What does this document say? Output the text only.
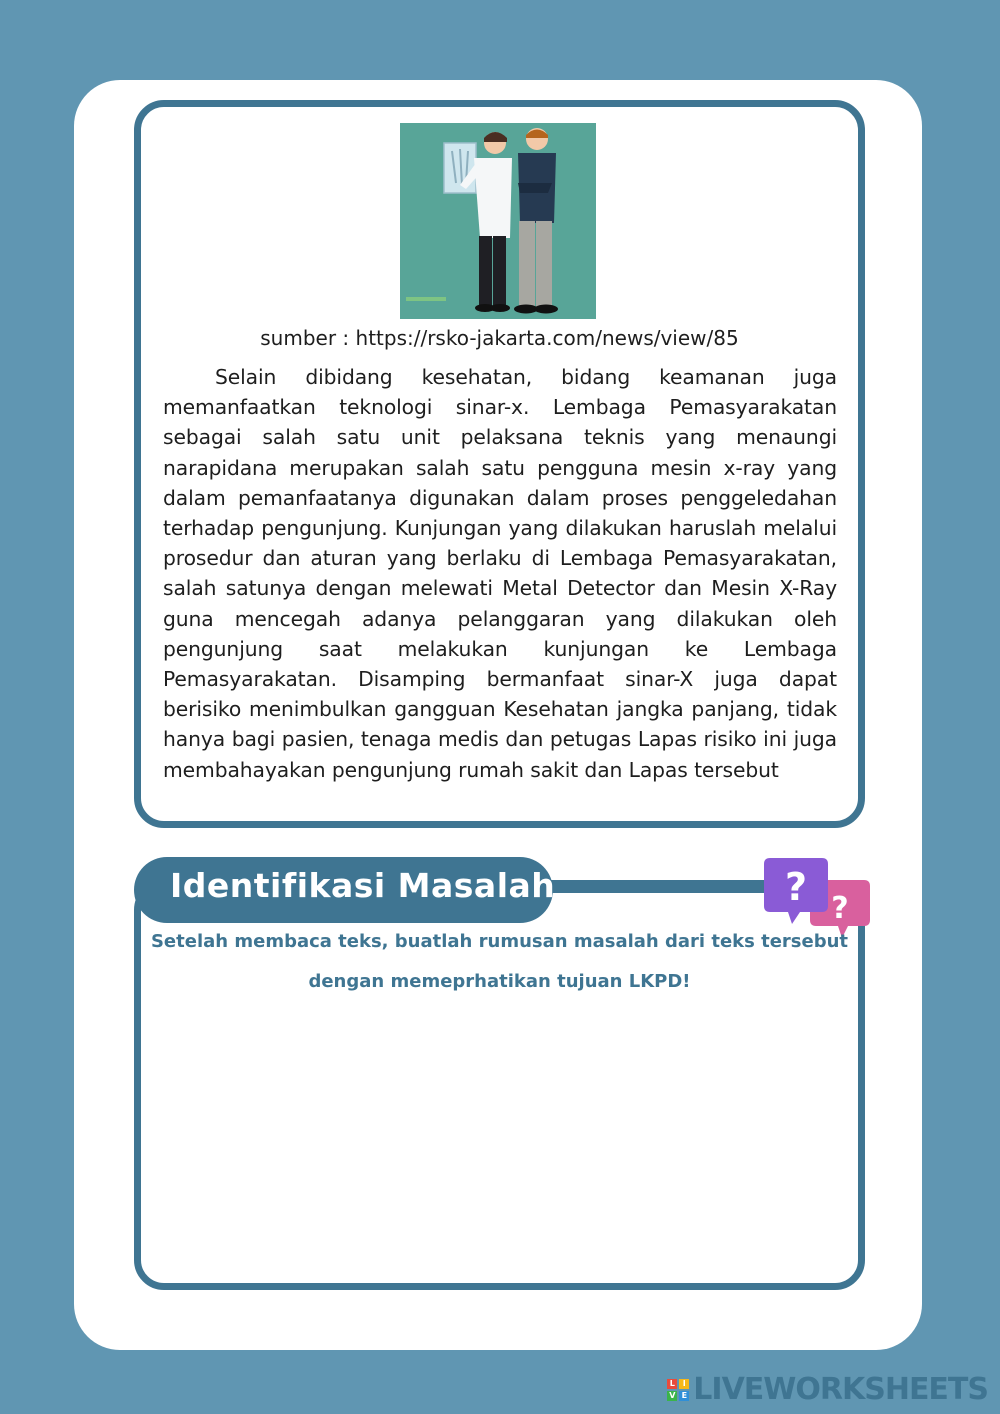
sumber : https://rsko-jakarta.com/news/view/85

Selain dibidang kesehatan, bidang keamanan juga memanfaatkan teknologi sinar-x. Lembaga Pemasyarakatan sebagai salah satu unit pelaksana teknis yang menaungi narapidana merupakan salah satu pengguna mesin x-ray yang dalam pemanfaatanya digunakan dalam proses penggeledahan terhadap pengunjung. Kunjungan yang dilakukan haruslah melalui prosedur dan aturan yang berlaku di Lembaga Pemasyarakatan, salah satunya dengan melewati Metal Detector dan Mesin X-Ray guna mencegah adanya pelanggaran yang dilakukan oleh pengunjung saat melakukan kunjungan ke Lembaga Pemasyarakatan. Disamping bermanfaat sinar-X juga dapat berisiko menimbulkan gangguan Kesehatan jangka panjang, tidak hanya bagi pasien, tenaga medis dan petugas Lapas risiko ini juga membahayakan pengunjung rumah sakit dan Lapas tersebut

Identifikasi Masalah
?
?
Setelah membaca teks, buatlah rumusan masalah dari teks tersebut
dengan memeprhatikan tujuan LKPD!
L I
V E LIVEWORKSHEETS
